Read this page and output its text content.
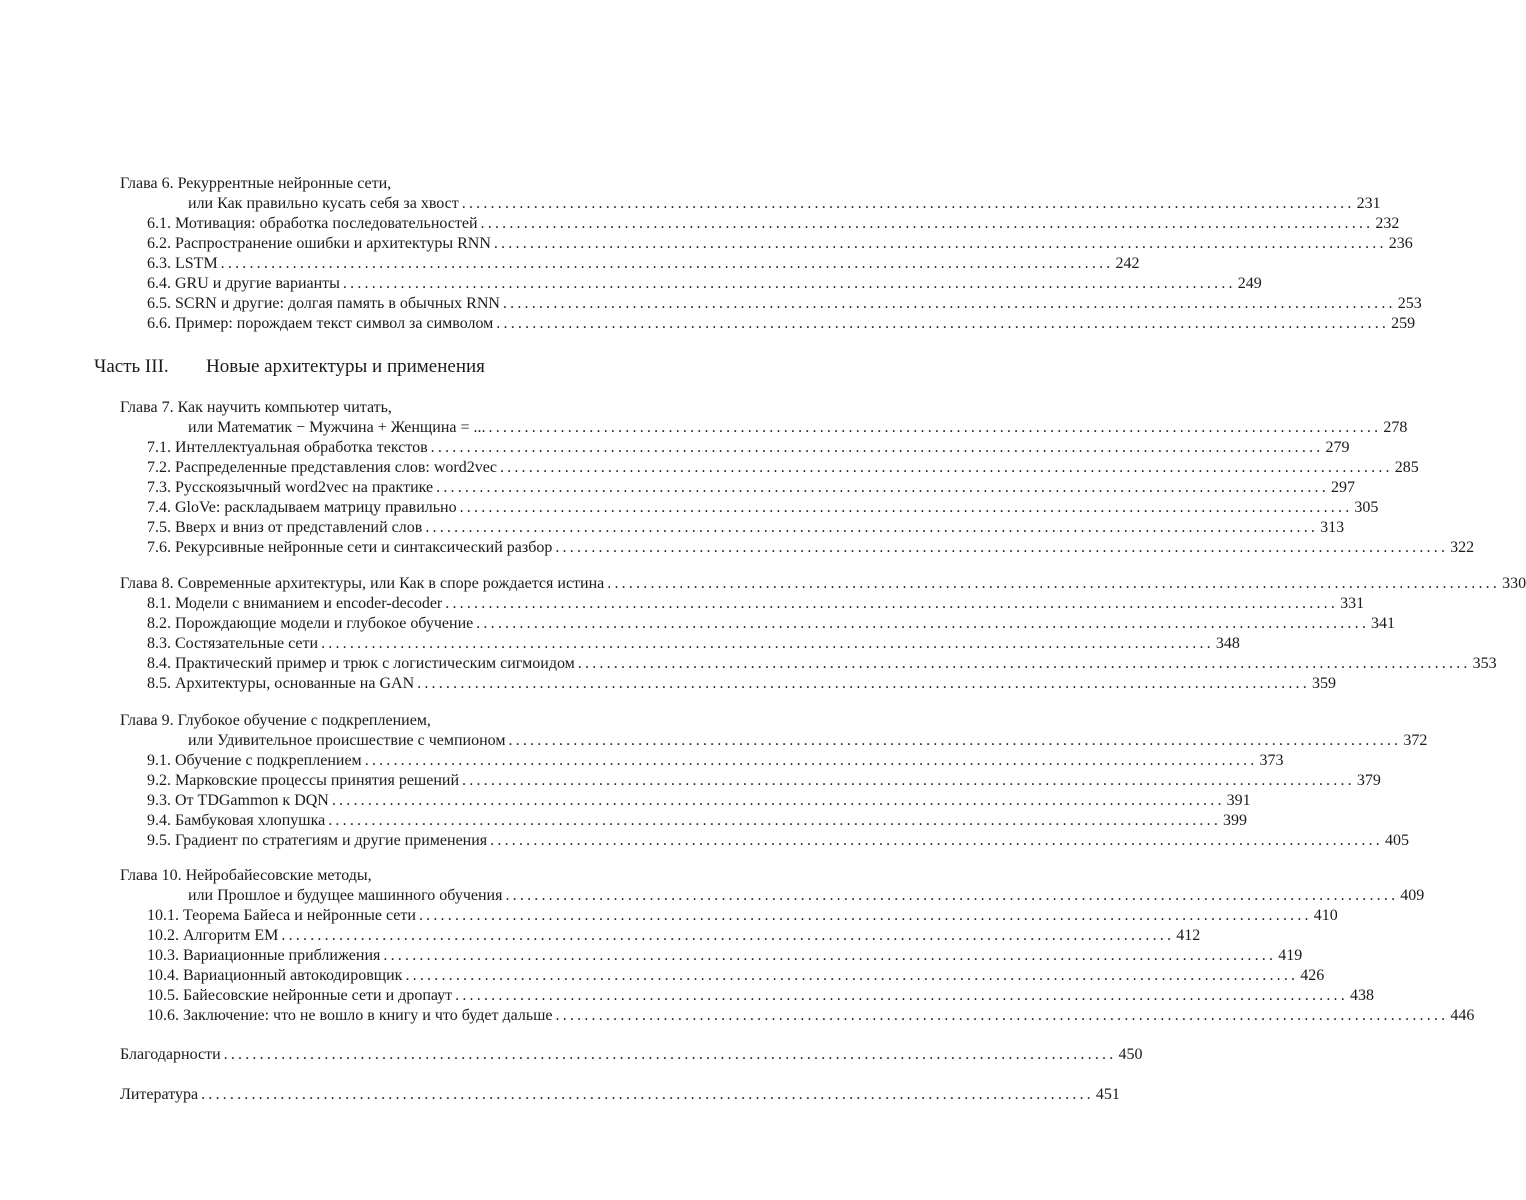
Глава 6. Рекуррентные нейронные сети,
или Как правильно кусать себя за хвост ............................................................................................................................ 231
6.1. Мотивация: обработка последовательностей ............................................................................................................................ 232
6.2. Распространение ошибки и архитектуры RNN ............................................................................................................................ 236
6.3. LSTM ............................................................................................................................ 242
6.4. GRU и другие варианты ............................................................................................................................ 249
6.5. SCRN и другие: долгая память в обычных RNN ............................................................................................................................ 253
6.6. Пример: порождаем текст символ за символом ............................................................................................................................ 259
Часть III. Новые архитектуры и применения
Глава 7. Как научить компьютер читать,
или Математик − Мужчина + Женщина = ... ............................................................................................................................ 278
7.1. Интеллектуальная обработка текстов ............................................................................................................................ 279
7.2. Распределенные представления слов: word2vec ............................................................................................................................ 285
7.3. Русскоязычный word2vec на практике ............................................................................................................................ 297
7.4. GloVe: раскладываем матрицу правильно ............................................................................................................................ 305
7.5. Вверх и вниз от представлений слов ............................................................................................................................ 313
7.6. Рекурсивные нейронные сети и синтаксический разбор ............................................................................................................................ 322
Глава 8. Современные архитектуры, или Как в споре рождается истина ............................................................................................................................ 330
8.1. Модели с вниманием и encoder-decoder ............................................................................................................................ 331
8.2. Порождающие модели и глубокое обучение ............................................................................................................................ 341
8.3. Состязательные сети ............................................................................................................................ 348
8.4. Практический пример и трюк с логистическим сигмоидом ............................................................................................................................ 353
8.5. Архитектуры, основанные на GAN ............................................................................................................................ 359
Глава 9. Глубокое обучение с подкреплением,
или Удивительное происшествие с чемпионом ............................................................................................................................ 372
9.1. Обучение с подкреплением ............................................................................................................................ 373
9.2. Марковские процессы принятия решений ............................................................................................................................ 379
9.3. От TDGammon к DQN ............................................................................................................................ 391
9.4. Бамбуковая хлопушка ............................................................................................................................ 399
9.5. Градиент по стратегиям и другие применения ............................................................................................................................ 405
Глава 10. Нейробайесовские методы,
или Прошлое и будущее машинного обучения ............................................................................................................................ 409
10.1. Теорема Байеса и нейронные сети ............................................................................................................................ 410
10.2. Алгоритм EM ............................................................................................................................ 412
10.3. Вариационные приближения ............................................................................................................................ 419
10.4. Вариационный автокодировщик ............................................................................................................................ 426
10.5. Байесовские нейронные сети и дропаут ............................................................................................................................ 438
10.6. Заключение: что не вошло в книгу и что будет дальше ............................................................................................................................ 446
Благодарности ............................................................................................................................ 450
Литература ............................................................................................................................ 451
